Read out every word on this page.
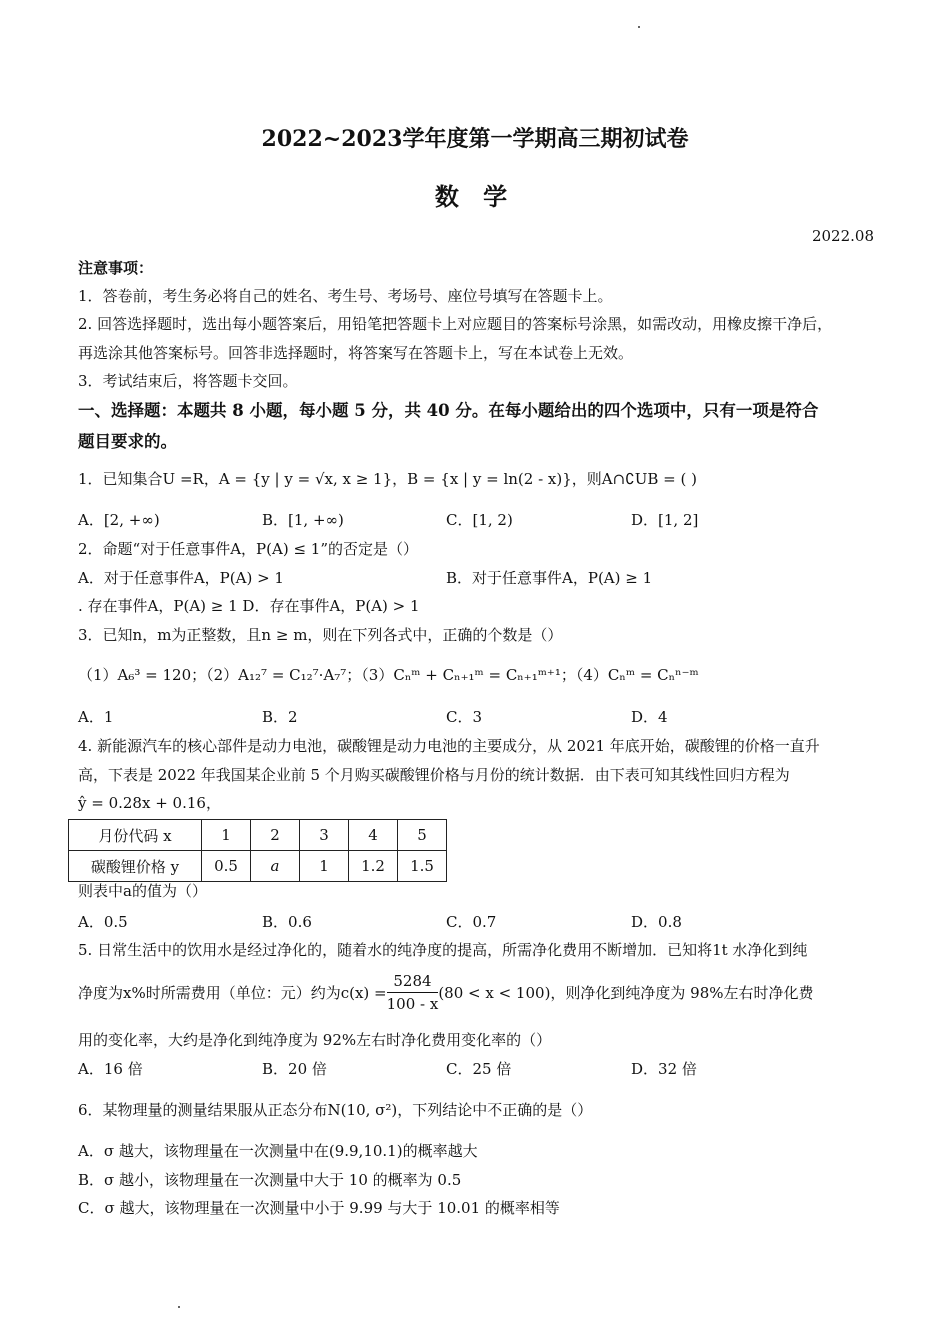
2022~2023学年度第一学期高三期初试卷
数 学
2022.08
注意事项：
1．答卷前，考生务必将自己的姓名、考生号、考场号、座位号填写在答题卡上。
2. 回答选择题时，选出每小题答案后，用铅笔把答题卡上对应题目的答案标号涂黑，如需改动，用橡皮擦干净后，
再选涂其他答案标号。回答非选择题时，将答案写在答题卡上，写在本试卷上无效。
3．考试结束后，将答题卡交回。
一、选择题：本题共 8 小题，每小题 5 分，共 40 分。在每小题给出的四个选项中，只有一项是符合
题目要求的。
1．已知集合U =R，A = {y | y = √x, x ≥ 1}，B = {x | y = ln(2 - x)}，则A∩∁UB = ( )
A．[2, +∞)	B．[1, +∞)	C．[1, 2)	D．[1, 2]
2．命题“对于任意事件A，P(A) ≤ 1”的否定是（）
A．对于任意事件A，P(A) > 1	B．对于任意事件A，P(A) ≥ 1
. 存在事件A，P(A) ≥ 1 D．存在事件A，P(A) > 1
3．已知n，m为正整数，且n ≥ m，则在下列各式中，正确的个数是（）
（1）A₆³ = 120；（2）A₁₂⁷ = C₁₂⁷·A₇⁷；（3）Cₙᵐ + Cₙ₊₁ᵐ = Cₙ₊₁ᵐ⁺¹；（4）Cₙᵐ = Cₙⁿ⁻ᵐ
A．1	B．2	C．3	D．4
4. 新能源汽车的核心部件是动力电池，碳酸锂是动力电池的主要成分，从 2021 年底开始，碳酸锂的价格一直升
高，下表是 2022 年我国某企业前 5 个月购买碳酸锂价格与月份的统计数据．由下表可知其线性回归方程为
ŷ = 0.28x + 0.16，
月份代码 x	1	2	3	4	5
碳酸锂价格 y	0.5	a	1	1.2	1.5
则表中a的值为（）
A．0.5	B．0.6	C．0.7	D．0.8
5. 日常生活中的饮用水是经过净化的，随着水的纯净度的提高，所需净化费用不断增加．已知将1t 水净化到纯
净度为x%时所需费用（单位：元）约为$c(x) = \frac{5284}{100 - x} (80 < x < 100)$，则净化到纯净度为 98%左右时净化费
用的变化率，大约是净化到纯净度为 92%左右时净化费用变化率的（）
A．16 倍	B．20 倍	C．25 倍	D．32 倍
6．某物理量的测量结果服从正态分布N(10, σ²)，下列结论中不正确的是（）
A．σ 越大，该物理量在一次测量中在(9.9,10.1)的概率越大
B．σ 越小，该物理量在一次测量中大于 10 的概率为 0.5
C．σ 越大，该物理量在一次测量中小于 9.99 与大于 10.01 的概率相等
